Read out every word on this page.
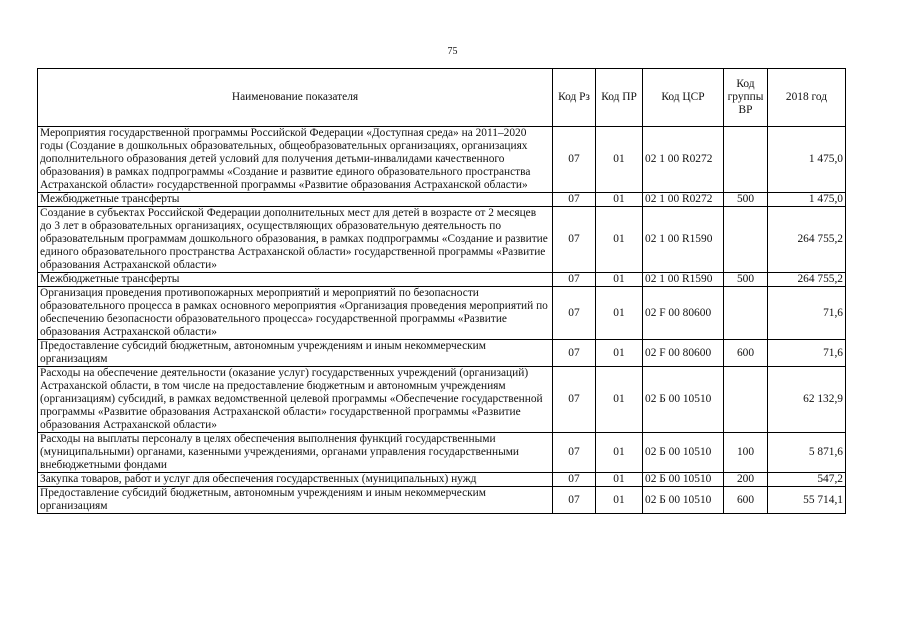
75
Наименование показателя	Код Рз	Код ПР	Код ЦСР	Код группы ВР	2018 год
Мероприятия государственной программы Российской Федерации «Доступная среда» на 2011–2020 годы (Создание в дошкольных образовательных, общеобразовательных организациях, организациях дополнительного образования детей условий для получения детьми-инвалидами качественного образования) в рамках подпрограммы «Создание и развитие единого образовательного пространства Астраханской области» государственной программы «Развитие образования Астраханской области»	07	01	02 1 00 R0272		1 475,0
Межбюджетные трансферты	07	01	02 1 00 R0272	500	1 475,0
Создание в субъектах Российской Федерации дополнительных мест для детей в возрасте от 2 месяцев до 3 лет в образовательных организациях, осуществляющих образовательную деятельность по образовательным программам дошкольного образования, в рамках подпрограммы «Создание и развитие единого образовательного пространства Астраханской области» государственной программы «Развитие образования Астраханской области»	07	01	02 1 00 R1590		264 755,2
Межбюджетные трансферты	07	01	02 1 00 R1590	500	264 755,2
Организация проведения противопожарных мероприятий и мероприятий по безопасности образовательного процесса в рамках основного мероприятия «Организация проведения мероприятий по обеспечению безопасности образовательного процесса» государственной программы «Развитие образования Астраханской области»	07	01	02 F 00 80600		71,6
Предоставление субсидий бюджетным, автономным учреждениям и иным некоммерческим организациям	07	01	02 F 00 80600	600	71,6
Расходы на обеспечение деятельности (оказание услуг) государственных учреждений (организаций) Астраханской области, в том числе на предоставление бюджетным и автономным учреждениям (организациям) субсидий, в рамках ведомственной целевой программы «Обеспечение государственной программы «Развитие образования Астраханской области» государственной программы «Развитие образования Астраханской области»	07	01	02 Б 00 10510		62 132,9
Расходы на выплаты персоналу в целях обеспечения выполнения функций государственными (муниципальными) органами, казенными учреждениями, органами управления государственными внебюджетными фондами	07	01	02 Б 00 10510	100	5 871,6
Закупка товаров, работ и услуг для обеспечения государственных (муниципальных) нужд	07	01	02 Б 00 10510	200	547,2
Предоставление субсидий бюджетным, автономным учреждениям и иным некоммерческим организациям	07	01	02 Б 00 10510	600	55 714,1
